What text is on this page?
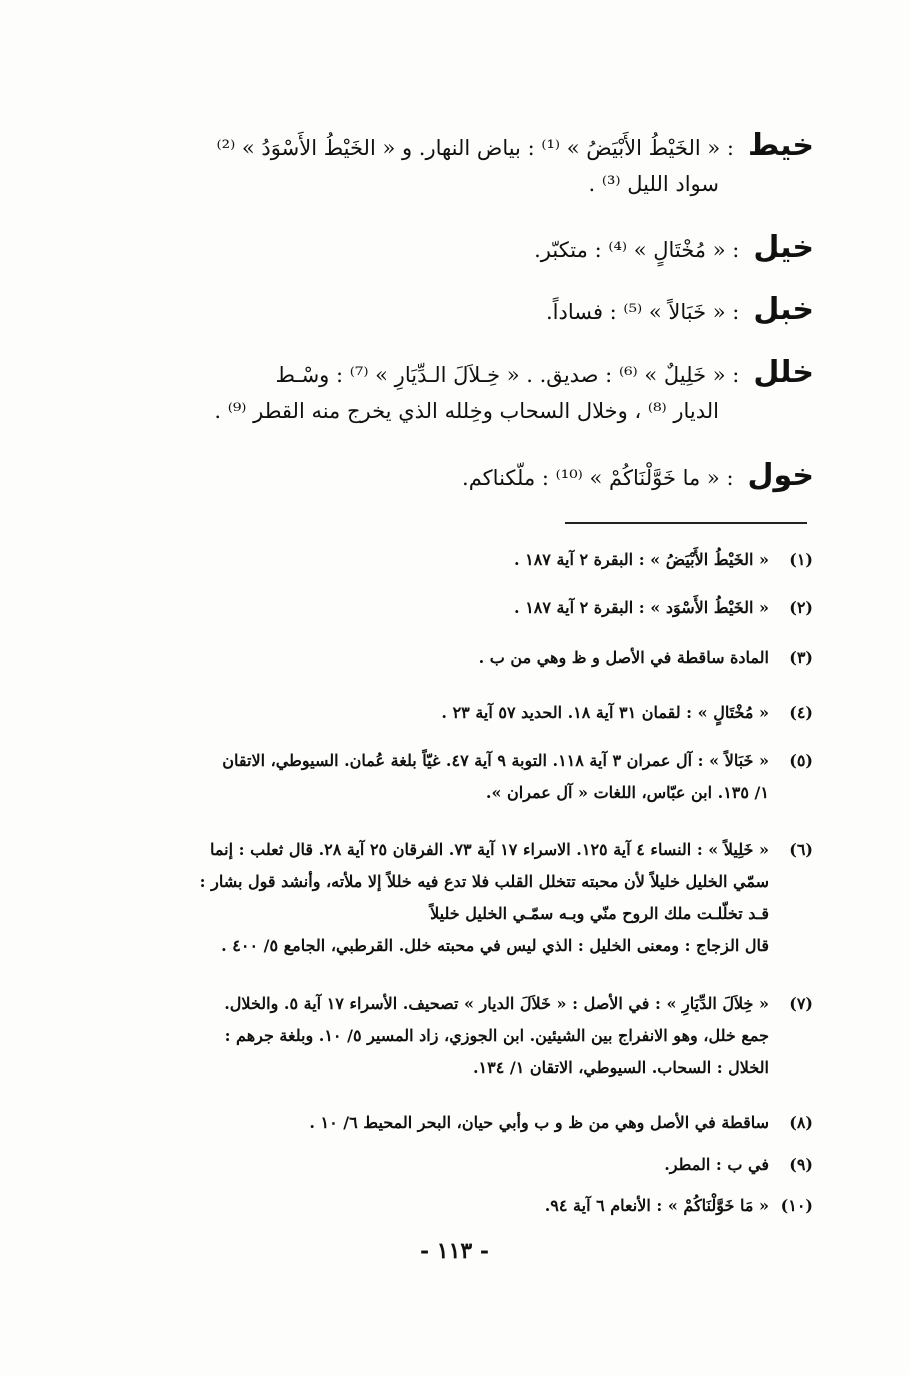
خيط: « الخَيْطُ الأَبْيَضُ » ⁽¹⁾ : بياض النهار. و « الخَيْطُ الأَسْوَدُ » ⁽²⁾
سواد الليل ⁽³⁾ .
خيل: « مُخْتَالٍ » ⁽⁴⁾ : متكبّر.
خبل: « خَبَالاً » ⁽⁵⁾ : فساداً.
خلل: « خَلِيلٌ » ⁽⁶⁾ : صديق. . « خِـلاَلَ الـدِّيَارِ » ⁽⁷⁾ : وسْـط
الديار ⁽⁸⁾ ، وخلال السحاب وخِلله الذي يخرج منه القطر ⁽⁹⁾ .
خول: « ما خَوَّلْنَاكُمْ » ⁽¹⁰⁾ : ملّكناكم.
(١)« الخَيْطُ الأَبْيَضُ » : البقرة ٢ آية ١٨٧ .
(٢)« الخَيْطُ الأَسْوَد » : البقرة ٢ آية ١٨٧ .
(٣)المادة ساقطة في الأصل و ظ وهي من ب .
(٤)« مُخْتَالٍ » : لقمان ٣١ آية ١٨. الحديد ٥٧ آية ٢٣ .
(٥)« خَبَالاً » : آل عمران ٣ آية ١١٨. التوبة ٩ آية ٤٧. غيّاً بلغة عُمان. السيوطي، الاتقان
١/ ١٣٥. ابن عبّاس، اللغات « آل عمران ».
(٦)« خَلِيلاً » : النساء ٤ آية ١٢٥. الاسراء ١٧ آية ٧٣. الفرقان ٢٥ آية ٢٨. قال ثعلب : إنما
سمّي الخليل خليلاً لأن محبته تتخلل القلب فلا تدع فيه خللاً إلا ملأته، وأنشد قول بشار :
قـد تخلّلـت ملك الروح منّي وبـه سمّـي الخليل خليلاً
قال الزجاج : ومعنى الخليل : الذي ليس في محبته خلل. القرطبي، الجامع ٥/ ٤٠٠ .
(٧)« خِلاَلَ الدِّيَارِ » : في الأصل : « خَلاَلَ الديار » تصحيف. الأسراء ١٧ آية ٥. والخلال.
جمع خلل، وهو الانفراج بين الشيئين. ابن الجوزي، زاد المسير ٥/ ١٠. وبلغة جرهم :
الخلال : السحاب. السيوطي، الاتقان ١/ ١٣٤.
(٨)ساقطة في الأصل وهي من ظ و ب وأبي حيان، البحر المحيط ٦/ ١٠ .
(٩)في ب : المطر.
(١٠)« مَا خَوَّلْنَاكُمْ » : الأنعام ٦ آية ٩٤.
- ١١٣ -
